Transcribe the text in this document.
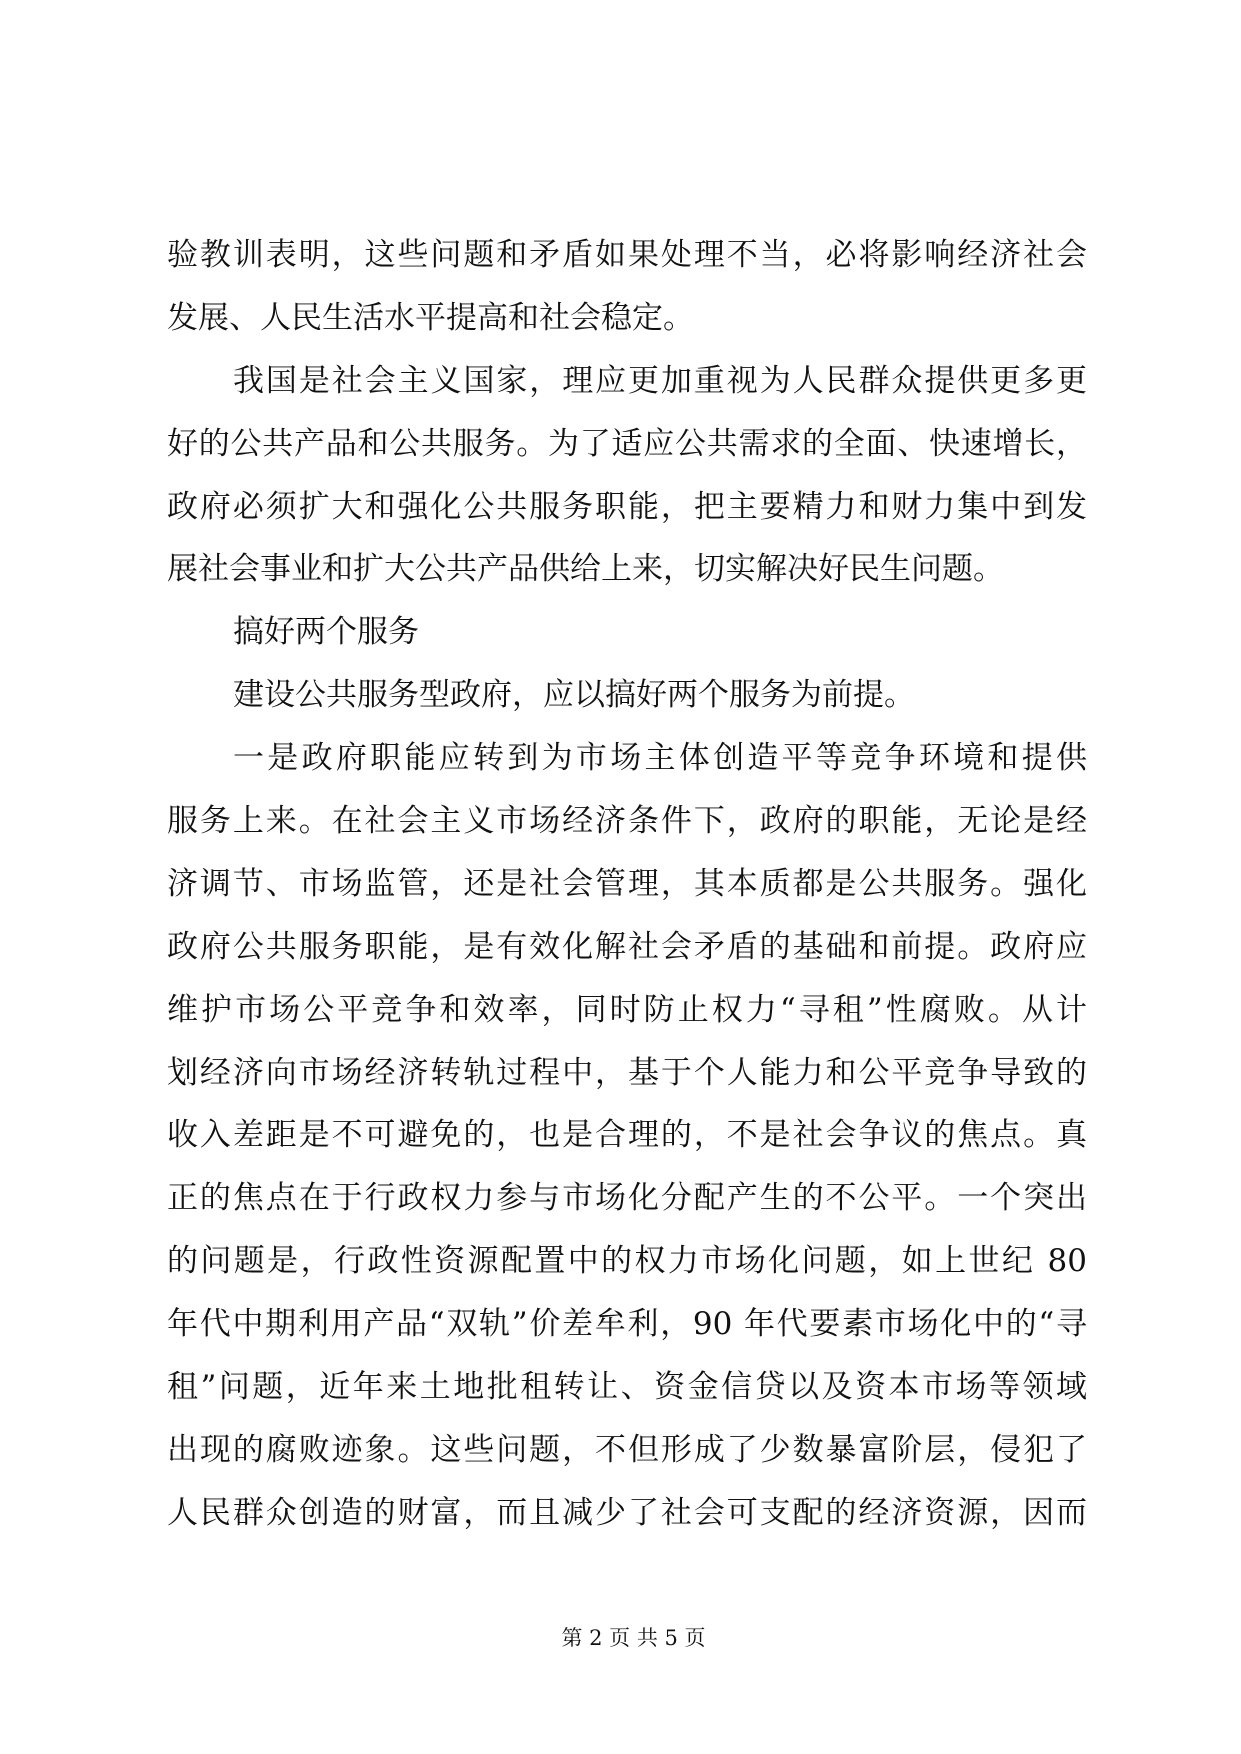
验教训表明，这些问题和矛盾如果处理不当，必将影响经济社会
发展、人民生活水平提高和社会稳定。
我国是社会主义国家，理应更加重视为人民群众提供更多更
好的公共产品和公共服务。为了适应公共需求的全面、快速增长，
政府必须扩大和强化公共服务职能，把主要精力和财力集中到发
展社会事业和扩大公共产品供给上来，切实解决好民生问题。
搞好两个服务
建设公共服务型政府，应以搞好两个服务为前提。
一是政府职能应转到为市场主体创造平等竞争环境和提供
服务上来。在社会主义市场经济条件下，政府的职能，无论是经
济调节、市场监管，还是社会管理，其本质都是公共服务。强化
政府公共服务职能，是有效化解社会矛盾的基础和前提。政府应
维护市场公平竞争和效率，同时防止权力“寻租”性腐败。从计
划经济向市场经济转轨过程中，基于个人能力和公平竞争导致的
收入差距是不可避免的，也是合理的，不是社会争议的焦点。真
正的焦点在于行政权力参与市场化分配产生的不公平。一个突出
的问题是，行政性资源配置中的权力市场化问题，如上世纪 80
年代中期利用产品“双轨”价差牟利，90 年代要素市场化中的“寻
租”问题，近年来土地批租转让、资金信贷以及资本市场等领域
出现的腐败迹象。这些问题，不但形成了少数暴富阶层，侵犯了
人民群众创造的财富，而且减少了社会可支配的经济资源，因而
第 2 页 共 5 页
